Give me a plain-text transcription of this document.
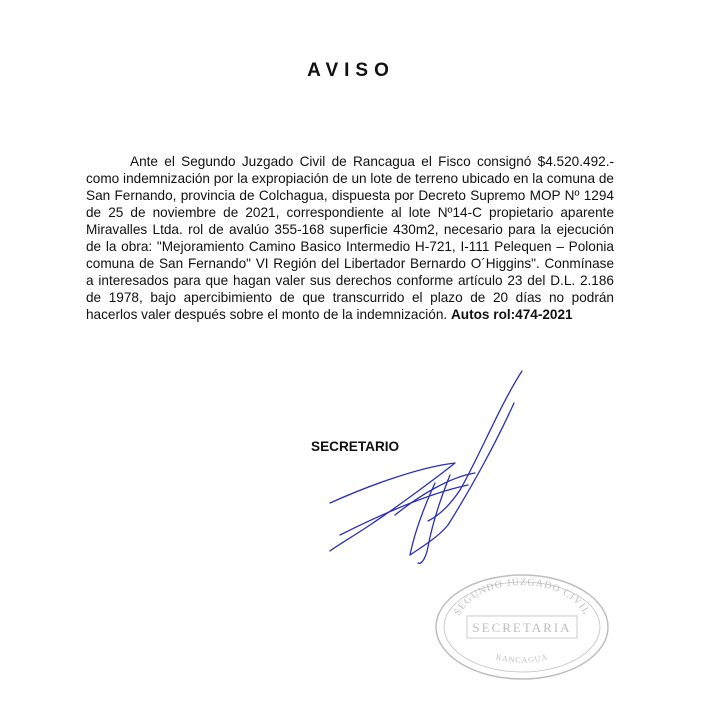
AVISO

Ante el Segundo Juzgado Civil de Rancagua el Fisco consignó $4.520.492.- como indemnización por la expropiación de un lote de terreno ubicado en la comuna de San Fernando, provincia de Colchagua, dispuesta por Decreto Supremo MOP Nº 1294 de 25 de noviembre de 2021, correspondiente al lote Nº14-C propietario aparente Miravalles Ltda. rol de avalúo 355-168 superficie 430m2, necesario para la ejecución de la obra: "Mejoramiento Camino Basico Intermedio H-721, I-111 Pelequen – Polonia comuna de San Fernando" VI Región del Libertador Bernardo O´Higgins". Conmínase a interesados para que hagan valer sus derechos conforme artículo 23 del D.L. 2.186 de 1978, bajo apercibimiento de que transcurrido el plazo de 20 días no podrán hacerlos valer después sobre el monto de la indemnización. Autos rol:474-2021

SECRETARIO
SEGUNDO JUZGADO CIVIL
SECRETARIA
RANCAGUA
